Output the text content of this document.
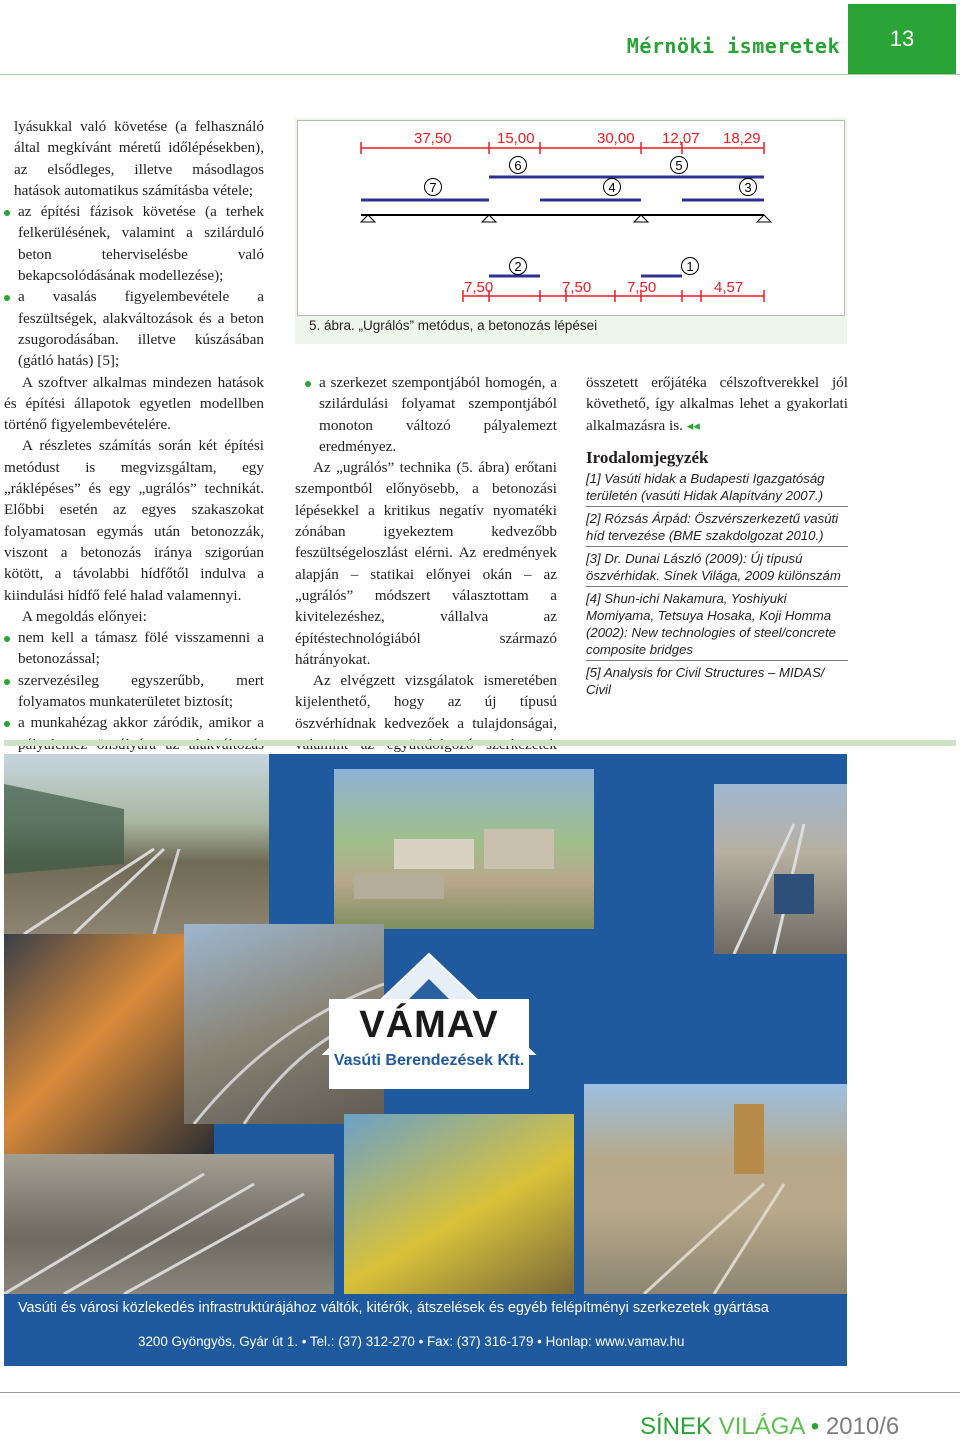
Mérnöki ismeretek 13

lyásukkal való követése (a felhasználó által megkívánt méretű időlépésekben), az elsődleges, illetve másodlagos hatások automatikus számításba vétele;

az építési fázisok követése (a terhek felkerülésének, valamint a szilárduló beton teherviselésbe való bekapcsolódásának modellezése);

a vasalás figyelembevétele a feszültségek, alakváltozások és a beton zsugorodásában. illetve kúszásában (gátló hatás) [5];

A szoftver alkalmas mindezen hatások és építési állapotok egyetlen modellben történő figyelembevételére.

A részletes számítás során két építési metódust is megvizsgáltam, egy „ráklépéses” és egy „ugrálós” technikát. Előbbi esetén az egyes szakaszokat folyamatosan egymás után betonozzák, viszont a betonozás iránya szigorúan kötött, a távolabbi hídfőtől indulva a kiindulási hídfő felé halad valamennyi.

A megoldás előnyei:

nem kell a támasz fölé visszamenni a betonozással;

szervezésileg egyszerűbb, mert folyamatos munkaterületet biztosít;

a munkahézag akkor záródik, amikor a

37,50	15,00	30,00 12,07 18,29
6	5
7	4	3
2	1
7,50	7,50 7,50	4,57
5. ábra. „Ugrálós” metódus, a betonozás lépései

a szerkezet szempontjából homogén, a szilárdulási folyamat szempontjából monoton változó pályalemezt eredményez.

Az „ugrálós” technika (5. ábra) erőtani szempontból előnyösebb, a betonozási lépésekkel a kritikus negatív nyomatéki zónában igyekeztem kedvezőbb feszültségeloszlást elérni. Az eredmények alapján – statikai előnyei okán – az „ugrálós” módszert választottam a kivitelezéshez, vállalva az építéstechnológiából származó hátrányokat.

Az elvégzett vizsgálatok ismeretében kijelenthető, hogy az új típusú öszvérhídnak kedvezőek a tulajdonságai,

összetett erőjátéka célszoftverekkel jól követhető, így alkalmas lehet a gyakorlati alkalmazásra is. ◂◂

Irodalomjegyzék
[1] Vasúti hidak a Budapesti Igazgatóság területén (vasúti Hidak Alapítvány 2007.)
[2] Rózsás Árpád: Öszvérszerkezetű vasúti híd tervezése (BME szakdolgozat 2010.)
[3] Dr. Dunai László (2009): Új típusú öszvérhidak. Sínek Világa, 2009 különszám
[4] Shun-ichi Nakamura, Yoshiyuki Momiyama, Tetsuya Hosaka, Koji Homma (2002): New technologies of steel/concrete composite bridges
[5] Analysis for Civil Structures – MIDAS/ Civil
VÁMAV
Vasúti Berendezések Kft.
Vasúti és városi közlekedés infrastruktúrájához váltók, kitérők, átszelések és egyéb felépítményi szerkezetek gyártása
3200 Gyöngyös, Gyár út 1. • Tel.: (37) 312-270 • Fax: (37) 316-179 • Honlap: www.vamav.hu
SÍNEK VILÁGA • 2010/6
